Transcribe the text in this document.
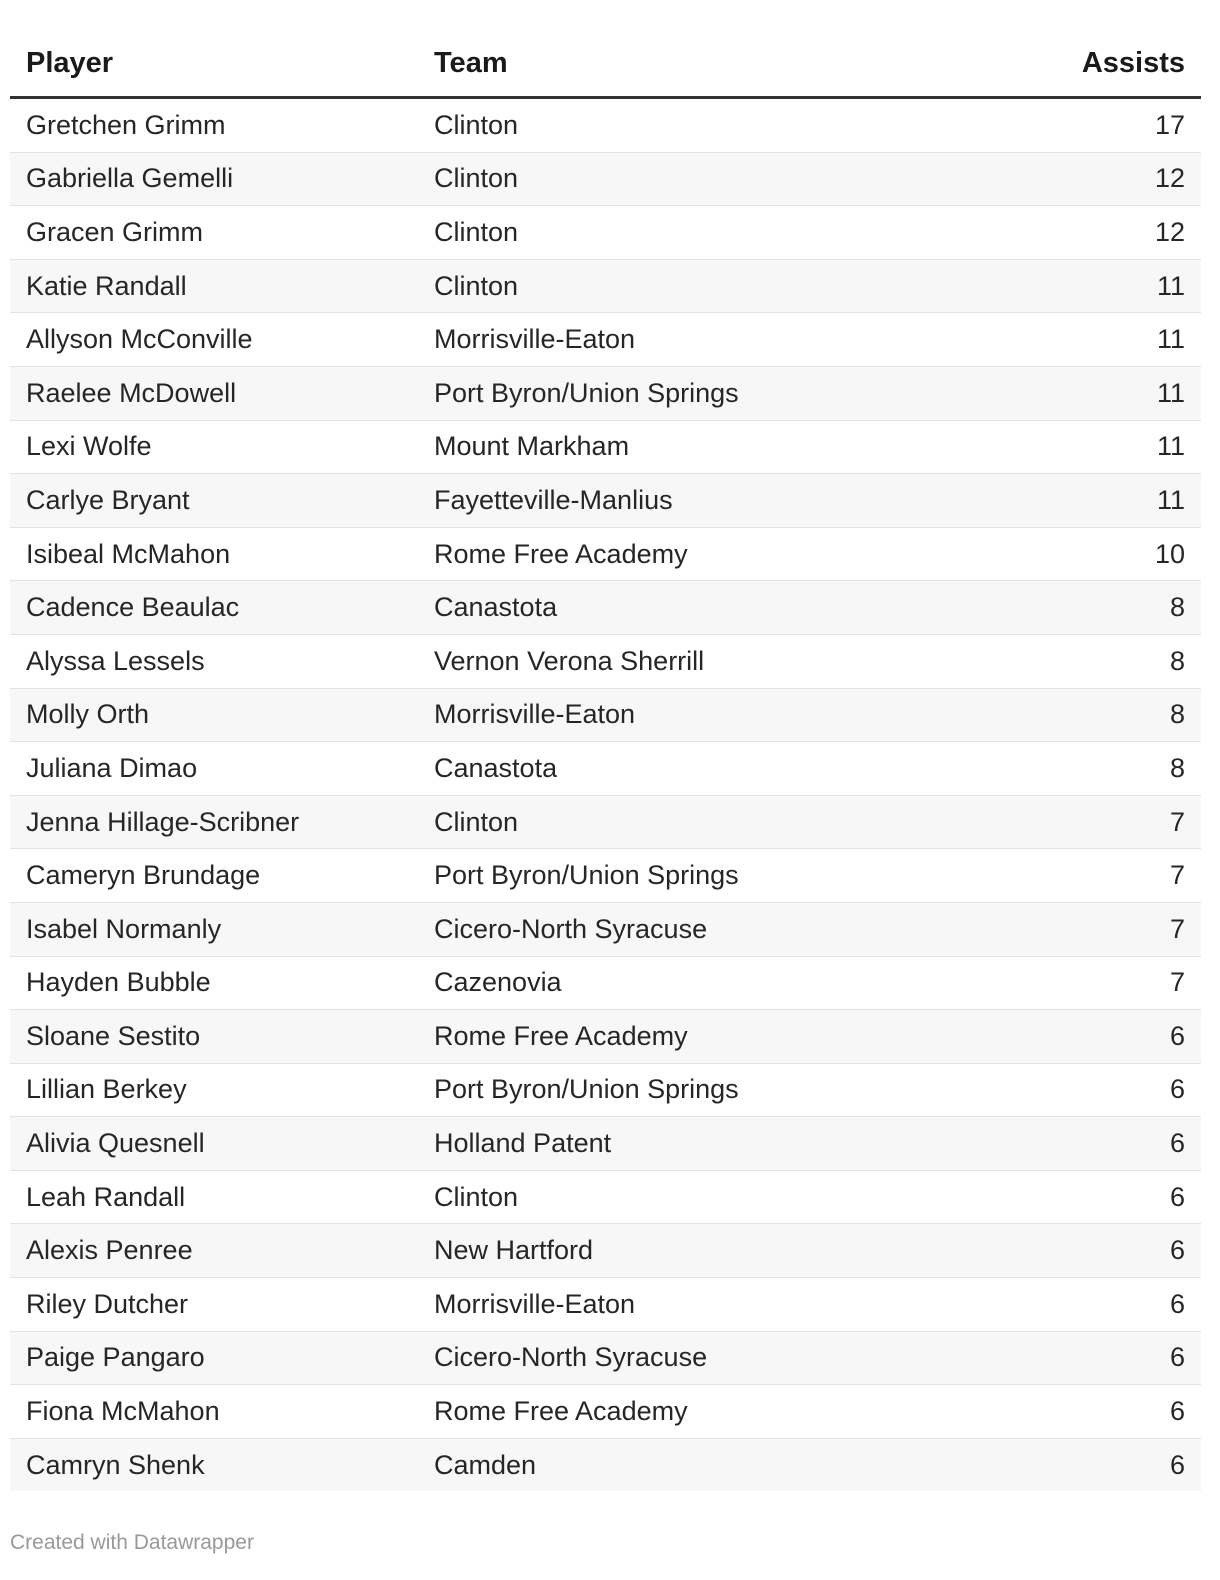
Player	Team	Assists
Gretchen Grimm	Clinton	17
Gabriella Gemelli	Clinton	12
Gracen Grimm	Clinton	12
Katie Randall	Clinton	11
Allyson McConville	Morrisville-Eaton	11
Raelee McDowell	Port Byron/Union Springs	11
Lexi Wolfe	Mount Markham	11
Carlye Bryant	Fayetteville-Manlius	11
Isibeal McMahon	Rome Free Academy	10
Cadence Beaulac	Canastota	8
Alyssa Lessels	Vernon Verona Sherrill	8
Molly Orth	Morrisville-Eaton	8
Juliana Dimao	Canastota	8
Jenna Hillage-Scribner	Clinton	7
Cameryn Brundage	Port Byron/Union Springs	7
Isabel Normanly	Cicero-North Syracuse	7
Hayden Bubble	Cazenovia	7
Sloane Sestito	Rome Free Academy	6
Lillian Berkey	Port Byron/Union Springs	6
Alivia Quesnell	Holland Patent	6
Leah Randall	Clinton	6
Alexis Penree	New Hartford	6
Riley Dutcher	Morrisville-Eaton	6
Paige Pangaro	Cicero-North Syracuse	6
Fiona McMahon	Rome Free Academy	6
Camryn Shenk	Camden	6
Created with Datawrapper
